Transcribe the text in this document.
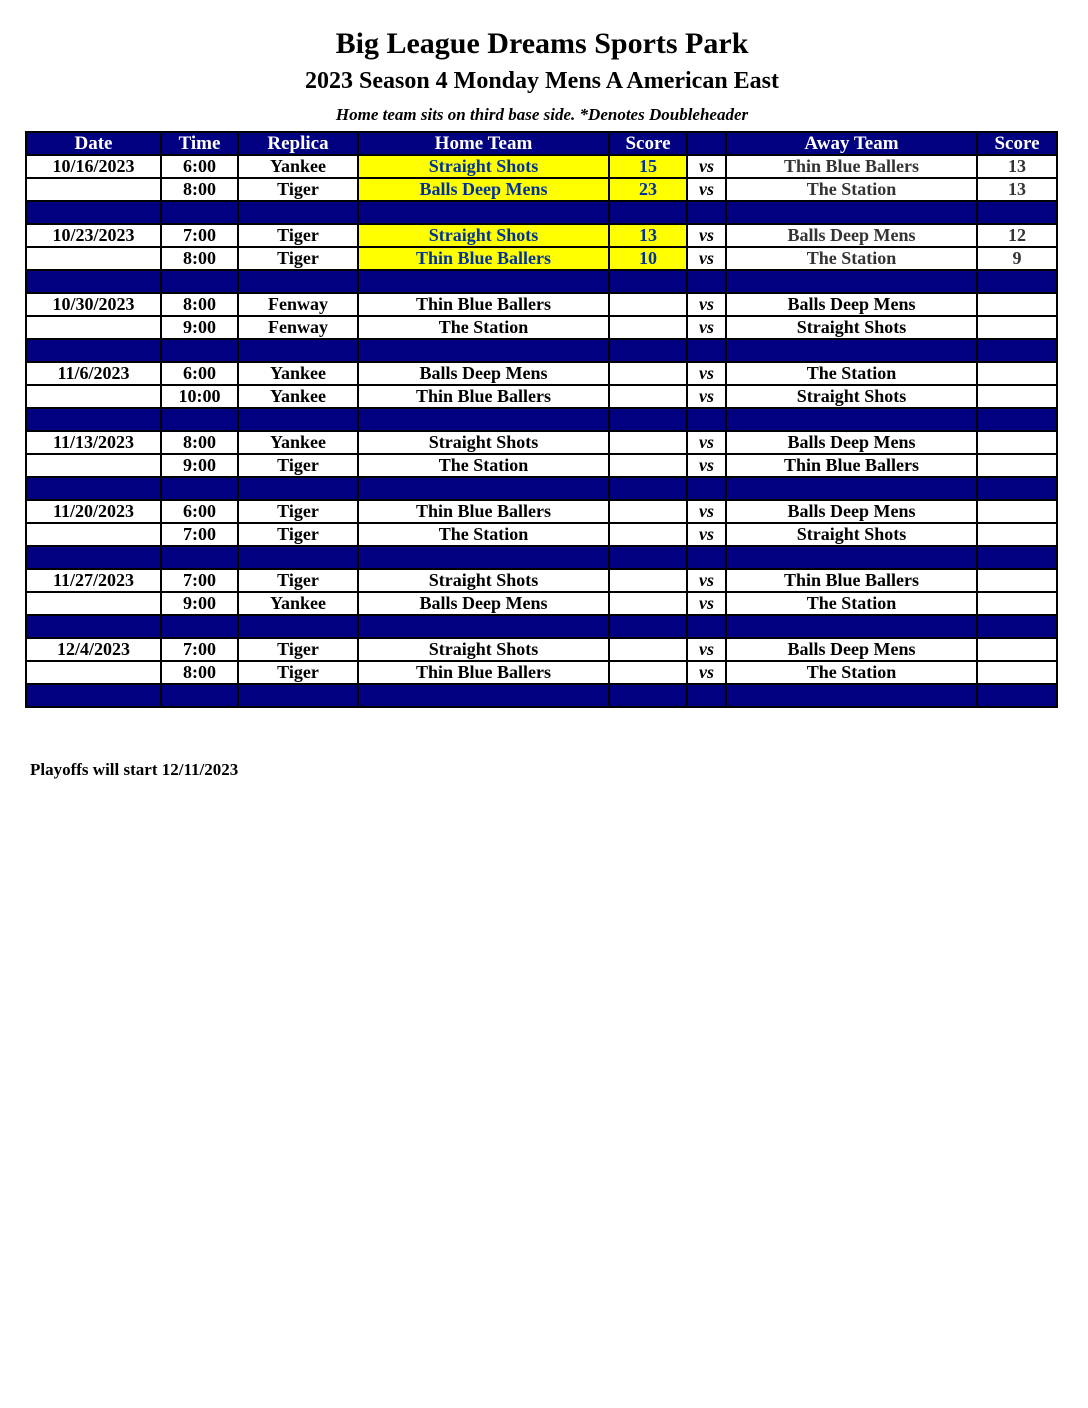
Big League Dreams Sports Park
2023 Season 4 Monday Mens A American East
Home team sits on third base side. *Denotes Doubleheader
Date	Time	Replica	Home Team	Score		Away Team	Score
10/16/2023	6:00	Yankee	Straight Shots	15	vs	Thin Blue Ballers	13
	8:00	Tiger	Balls Deep Mens	23	vs	The Station	13

10/23/2023	7:00	Tiger	Straight Shots	13	vs	Balls Deep Mens	12
	8:00	Tiger	Thin Blue Ballers	10	vs	The Station	9

10/30/2023	8:00	Fenway	Thin Blue Ballers		vs	Balls Deep Mens	
	9:00	Fenway	The Station		vs	Straight Shots	

11/6/2023	6:00	Yankee	Balls Deep Mens		vs	The Station	
	10:00	Yankee	Thin Blue Ballers		vs	Straight Shots	

11/13/2023	8:00	Yankee	Straight Shots		vs	Balls Deep Mens	
	9:00	Tiger	The Station		vs	Thin Blue Ballers	

11/20/2023	6:00	Tiger	Thin Blue Ballers		vs	Balls Deep Mens	
	7:00	Tiger	The Station		vs	Straight Shots	

11/27/2023	7:00	Tiger	Straight Shots		vs	Thin Blue Ballers	
	9:00	Yankee	Balls Deep Mens		vs	The Station	

12/4/2023	7:00	Tiger	Straight Shots		vs	Balls Deep Mens	
	8:00	Tiger	Thin Blue Ballers		vs	The Station	

Playoffs will start 12/11/2023
